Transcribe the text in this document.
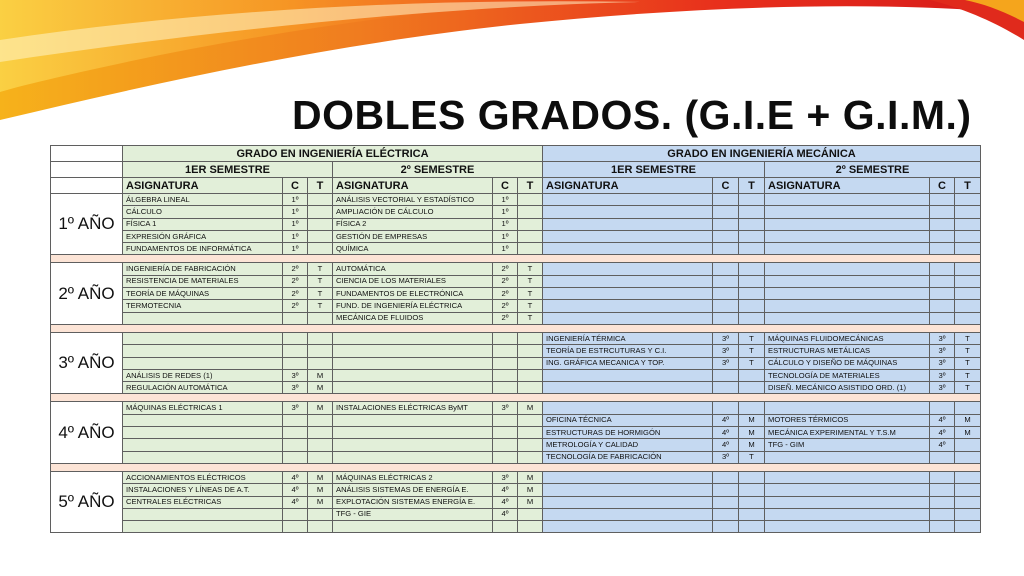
DOBLES GRADOS. (G.I.E + G.I.M.)
	GRADO EN INGENIERÍA ELÉCTRICA						GRADO EN INGENIERÍA MECÁNICA					
	1ER SEMESTRE			2º SEMESTRE			1ER SEMESTRE			2º SEMESTRE		
	ASIGNATURA	C	T	ASIGNATURA	C	T	ASIGNATURA	C	T	ASIGNATURA	C	T
1º AÑO	ÁLGEBRA LINEAL	1º		ANÁLISIS VECTORIAL Y ESTADÍSTICO	1º							
	CÁLCULO	1º		AMPLIACIÓN DE CÁLCULO	1º							
	FÍSICA 1	1º		FÍSICA 2	1º							
	EXPRESIÓN GRÁFICA	1º		GESTIÓN DE EMPRESAS	1º							
	FUNDAMENTOS DE INFORMÁTICA	1º		QUÍMICA	1º							

2º AÑO	INGENIERÍA DE FABRICACIÓN	2º	T	AUTOMÁTICA	2º	T						
	RESISTENCIA DE MATERIALES	2º	T	CIENCIA DE LOS MATERIALES	2º	T						
	TEORÍA DE MÁQUINAS	2º	T	FUNDAMENTOS DE ELECTRÓNICA	2º	T						
	TERMOTECNIA	2º	T	FUND. DE INGENIERÍA ELÉCTRICA	2º	T						
				MECÁNICA DE FLUIDOS	2º	T						

3º AÑO							INGENIERÍA TÉRMICA	3º	T	MÁQUINAS FLUIDOMECÁNICAS	3º	T
							TEORÍA DE ESTRCUTURAS Y C.I.	3º	T	ESTRUCTURAS METÁLICAS	3º	T
							ING. GRÁFICA MECANICA Y TOP.	3º	T	CÁLCULO Y DISEÑO DE MÁQUINAS	3º	T
	ANÁLISIS DE REDES (1)	3º	M							TECNOLOGÍA DE MATERIALES	3º	T
	REGULACIÓN AUTOMÁTICA	3º	M							DISEÑ. MECÁNICO ASISTIDO ORD. (1)	3º	T

4º AÑO	MÁQUINAS ELÉCTRICAS 1	3º	M	INSTALACIONES ELÉCTRICAS ByMT	3º	M						
							OFICINA TÉCNICA	4º	M	MOTORES TÉRMICOS	4º	M
							ESTRUCTURAS DE HORMIGÓN	4º	M	MECÁNICA EXPERIMENTAL Y T.S.M	4º	M
							METROLOGÍA Y CALIDAD	4º	M	TFG - GIM	4º	
							TECNOLOGÍA DE FABRICACIÓN	3º	T			

5º AÑO	ACCIONAMIENTOS ELÉCTRICOS	4º	M	MÁQUINAS ELÉCTRICAS 2	3º	M						
	INSTALACIONES Y LÍNEAS DE A.T.	4º	M	ANÁLISIS SISTEMAS DE ENERGÍA E.	4º	M						
	CENTRALES ELÉCTRICAS	4º	M	EXPLOTACIÓN SISTEMAS ENERGÍA E.	4º	M						
				TFG - GIE	4º							
